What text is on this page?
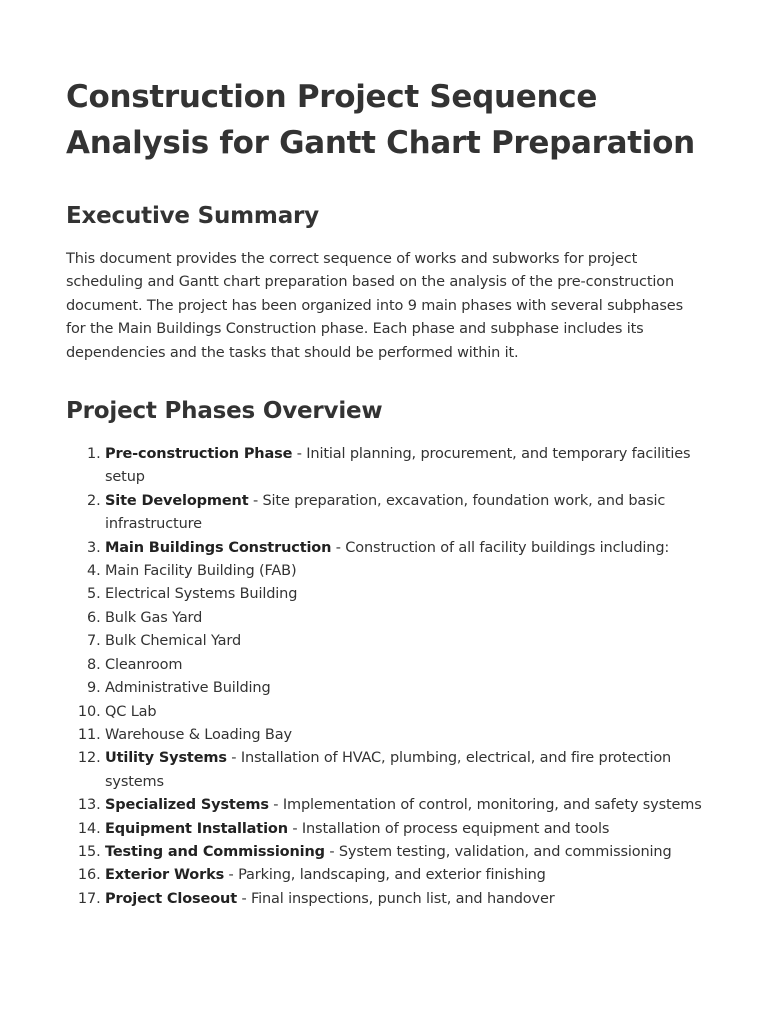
Construction Project Sequence Analysis for Gantt Chart Preparation
Executive Summary

This document provides the correct sequence of works and subworks for project scheduling and Gantt chart preparation based on the analysis of the pre-construction document. The project has been organized into 9 main phases with several subphases for the Main Buildings Construction phase. Each phase and subphase includes its dependencies and the tasks that should be performed within it.

Project Phases Overview
1. Pre-construction Phase - Initial planning, procurement, and temporary facilities setup
2. Site Development - Site preparation, excavation, foundation work, and basic infrastructure
3. Main Buildings Construction - Construction of all facility buildings including:
4. Main Facility Building (FAB)
5. Electrical Systems Building
6. Bulk Gas Yard
7. Bulk Chemical Yard
8. Cleanroom
9. Administrative Building
10. QC Lab
11. Warehouse & Loading Bay
12. Utility Systems - Installation of HVAC, plumbing, electrical, and fire protection systems
13. Specialized Systems - Implementation of control, monitoring, and safety systems
14. Equipment Installation - Installation of process equipment and tools
15. Testing and Commissioning - System testing, validation, and commissioning
16. Exterior Works - Parking, landscaping, and exterior finishing
17. Project Closeout - Final inspections, punch list, and handover
